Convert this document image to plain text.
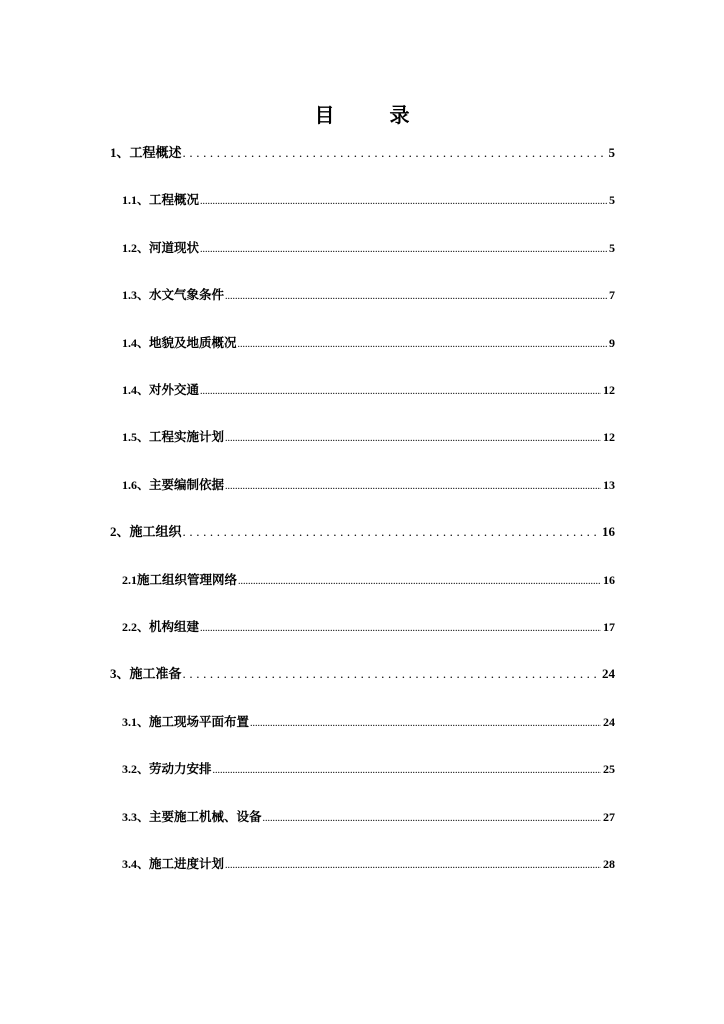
目 录
1、 工程概述 .....	5
1.1、 工程概况 .....	5
1.2、 河道现状 .....	5
1.3、 水文气象条件 .....	7
1.4、 地貌及地质概况 .....	9
1.4、 对外交通 .....	12
1.5、 工程实施计划 .....	12
1.6、 主要编制依据 .....	13
2、 施工组织 .....	16
2.1 施工组织管理网络 .....	16
2.2、 机构组建 .....	17
3、 施工准备 .....	24
3.1、 施工现场平面布置 .....	24
3.2、 劳动力安排 .....	25
3.3、 主要施工机械、设备 .....	27
3.4、 施工进度计划 .....	28
